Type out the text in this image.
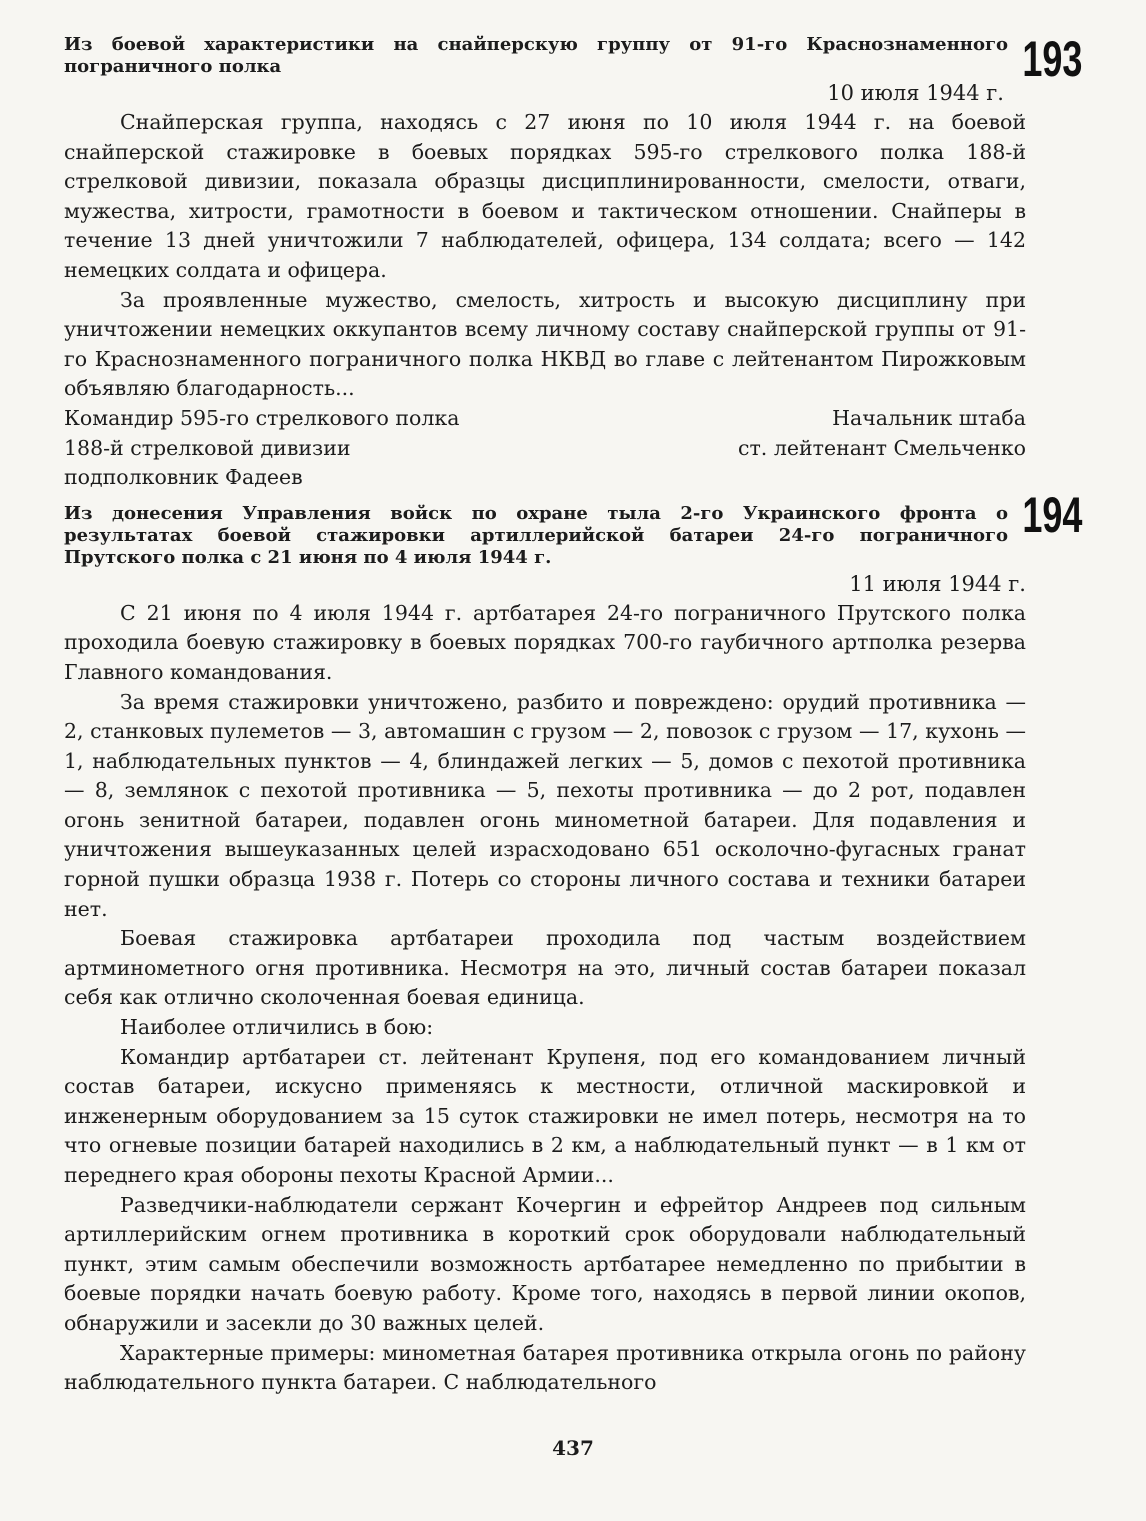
193
194
Из боевой характеристики на снайперскую группу от 91-го Краснознаменного пограничного полка

10 июля 1944 г.

Снайперская группа, находясь с 27 июня по 10 июля 1944 г. на боевой снайперской стажировке в боевых порядках 595-го стрелкового полка 188-й стрелковой дивизии, показала образцы дисциплинированности, смелости, отваги, мужества, хитрости, грамотности в боевом и тактическом отношении. Снайперы в течение 13 дней уничтожили 7 наблюдателей, офицера, 134 солдата; всего — 142 немецких солдата и офицера.

За проявленные мужество, смелость, хитрость и высокую дисциплину при уничтожении немецких оккупантов всему личному составу снайперской группы от 91-го Краснознаменного пограничного полка НКВД во главе с лейтенантом Пирожковым объявляю благодарность...

Командир 595-го стрелкового полка
188-й стрелковой дивизии
подполковник Фадеев
Начальник штаба
ст. лейтенант Смельченко
Из донесения Управления войск по охране тыла 2-го Украинского фронта о результатах боевой стажировки артиллерийской батареи 24-го пограничного Прутского полка с 21 июня по 4 июля 1944 г.

11 июля 1944 г.

С 21 июня по 4 июля 1944 г. артбатарея 24-го пограничного Прутского полка проходила боевую стажировку в боевых порядках 700-го гаубичного артполка резерва Главного командования.

За время стажировки уничтожено, разбито и повреждено: орудий противника — 2, станковых пулеметов — 3, автомашин с грузом — 2, повозок с грузом — 17, кухонь — 1, наблюдательных пунктов — 4, блиндажей легких — 5, домов с пехотой противника — 8, землянок с пехотой противника — 5, пехоты противника — до 2 рот, подавлен огонь зенитной батареи, подавлен огонь минометной батареи. Для подавления и уничтожения вышеуказанных целей израсходовано 651 осколочно-фугасных гранат горной пушки образца 1938 г. Потерь со стороны личного состава и техники батареи нет.

Боевая стажировка артбатареи проходила под частым воздействием артминометного огня противника. Несмотря на это, личный состав батареи показал себя как отлично сколоченная боевая единица.

Наиболее отличились в бою:

Командир артбатареи ст. лейтенант Крупеня, под его командованием личный состав батареи, искусно применяясь к местности, отличной маскировкой и инженерным оборудованием за 15 суток стажировки не имел потерь, несмотря на то что огневые позиции батарей находились в 2 км, а наблюдательный пункт — в 1 км от переднего края обороны пехоты Красной Армии...

Разведчики-наблюдатели сержант Кочергин и ефрейтор Андреев под сильным артиллерийским огнем противника в короткий срок оборудовали наблюдательный пункт, этим самым обеспечили возможность артбатарее немедленно по прибытии в боевые порядки начать боевую работу. Кроме того, находясь в первой линии окопов, обнаружили и засекли до 30 важных целей.

Характерные примеры: минометная батарея противника открыла огонь по району наблюдательного пункта батареи. С наблюдательного

437
